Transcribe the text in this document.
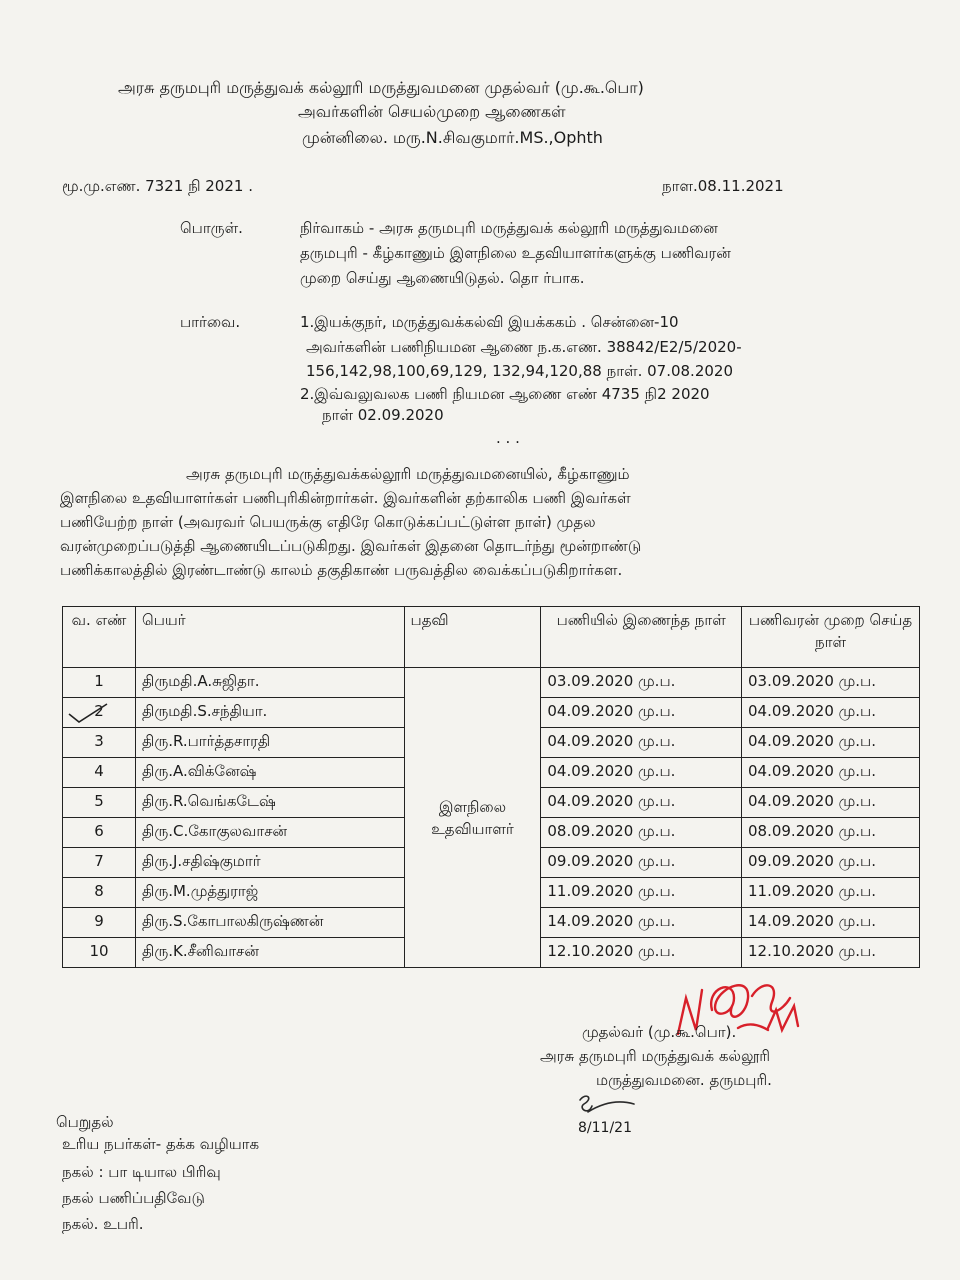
அரசு தருமபுரி மருத்துவக் கல்லூரி மருத்துவமனை முதல்வர் (மு.கூ.பொ)
அவர்களின் செயல்முறை ஆணைகள்
முன்னிலை. மரு.N.சிவகுமார்.MS.,Ophth
மூ.மு.எண. 7321 நி 2021 .	நாள.08.11.2021
பொருள்.	நிர்வாகம் - அரசு தருமபுரி மருத்துவக் கல்லூரி மருத்துவமனை
தருமபுரி - கீழ்காணும் இளநிலை உதவியாளர்களுக்கு பணிவரன்
முறை செய்து ஆணையிடுதல். தொ ர்பாக.
பார்வை.	1.இயக்குநர், மருத்துவக்கல்வி இயக்ககம் . சென்னை-10
அவர்களின் பணிநியமன ஆணை ந.க.எண. 38842/E2/5/2020-
156,142,98,100,69,129, 132,94,120,88 நாள். 07.08.2020
2.இவ்வலுவலக பணி நியமன ஆணை எண் 4735 நி2 2020
நாள் 02.09.2020
. . .
அரசு தருமபுரி மருத்துவக்கல்லூரி மருத்துவமனையில், கீழ்காணும்
இளநிலை உதவியாளர்கள் பணிபுரிகின்றார்கள். இவர்களின் தற்காலிக பணி இவர்கள்
பணியேற்ற நாள் (அவரவர் பெயருக்கு எதிரே கொடுக்கப்பட்டுள்ள நாள்) முதல
வரன்முறைப்படுத்தி ஆணையிடப்படுகிறது. இவர்கள் இதனை தொடர்ந்து மூன்றாண்டு
பணிக்காலத்தில் இரண்டாண்டு காலம் தகுதிகாண் பருவத்தில வைக்கப்படுகிறார்கள.
வ. எண்	பெயர்	பதவி	பணியில் இணைந்த நாள்	பணிவரன் முறை செய்த நாள்
1	திருமதி.A.சுஜிதா.	இளநிலை உதவியாளர்	03.09.2020 மு.ப.	03.09.2020 மு.ப.
2	திருமதி.S.சந்தியா.		04.09.2020 மு.ப.	04.09.2020 மு.ப.
3	திரு.R.பார்த்தசாரதி		04.09.2020 மு.ப.	04.09.2020 மு.ப.
4	திரு.A.விக்னேஷ்		04.09.2020 மு.ப.	04.09.2020 மு.ப.
5	திரு.R.வெங்கடேஷ்		04.09.2020 மு.ப.	04.09.2020 மு.ப.
6	திரு.C.கோகுலவாசன்		08.09.2020 மு.ப.	08.09.2020 மு.ப.
7	திரு.J.சதிஷ்குமார்		09.09.2020 மு.ப.	09.09.2020 மு.ப.
8	திரு.M.முத்துராஜ்		11.09.2020 மு.ப.	11.09.2020 மு.ப.
9	திரு.S.கோபாலகிருஷ்ணன்		14.09.2020 மு.ப.	14.09.2020 மு.ப.
10	திரு.K.சீனிவாசன்		12.10.2020 மு.ப.	12.10.2020 மு.ப.
முதல்வர் (மு.கூ.பொ).
அரசு தருமபுரி மருத்துவக் கல்லூரி
மருத்துவமனை. தருமபுரி.
8/11/21
பெறுதல்
உரிய நபர்கள்- தக்க வழியாக
நகல் : பா டியால பிரிவு
நகல் பணிப்பதிவேடு
நகல். உபரி.
